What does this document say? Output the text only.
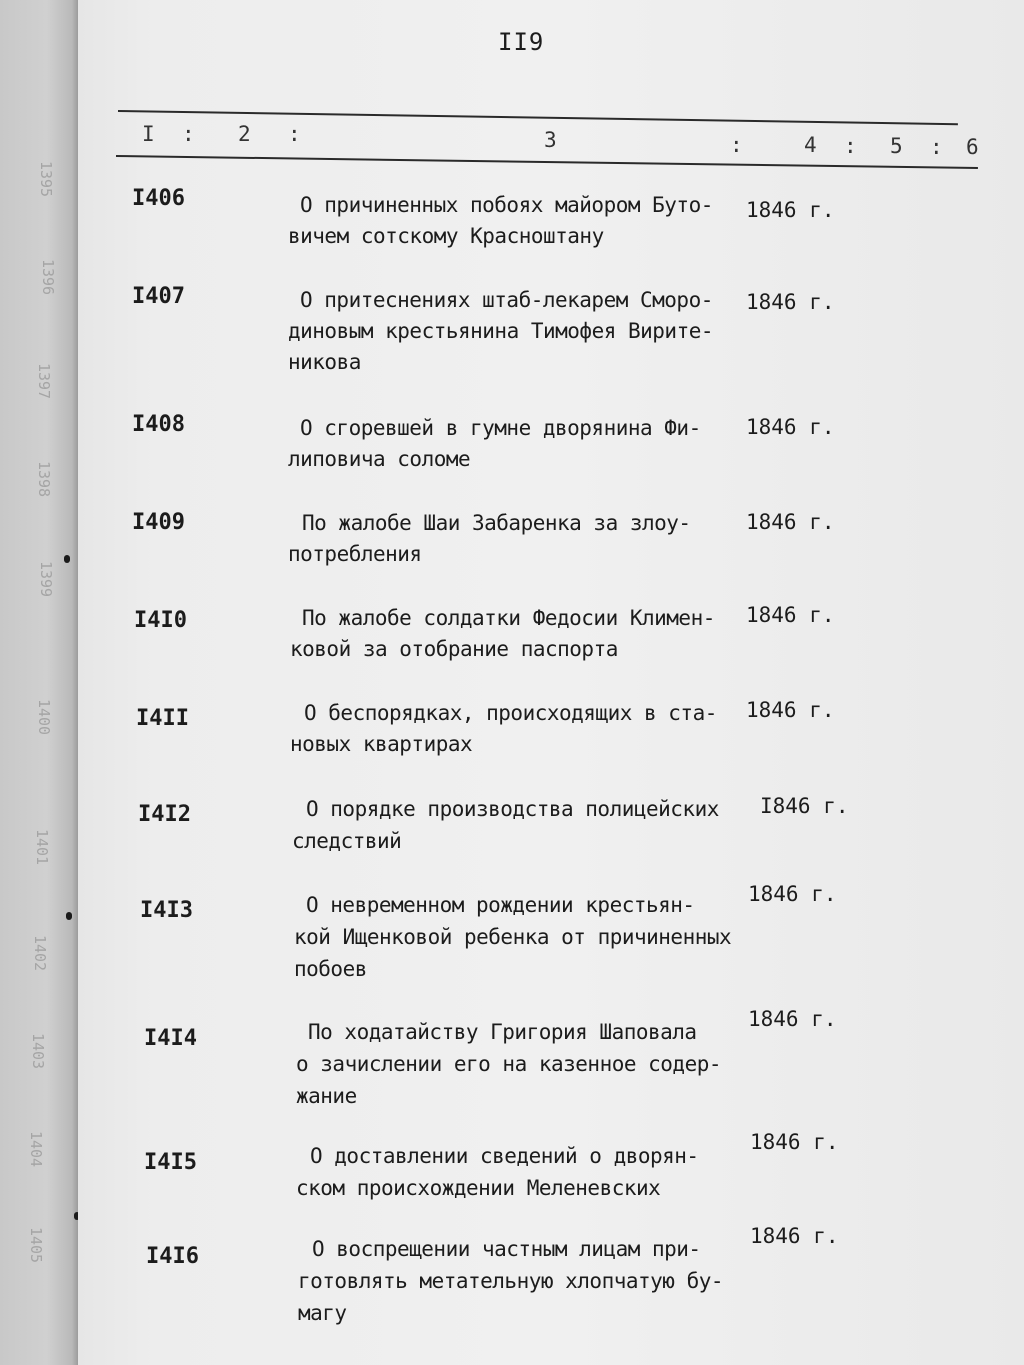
1395
1396
1397
1398
1399
1400
1401
1402
1403
1404
1405
II9
I : 2 :	3	:	4 : 5 : 6
I406	О причиненных побоях майором Буто-
вичем сотскому Красноштану
1846 г.
I407	О притеснениях штаб-лекарем Сморо-
диновым крестьянина Тимофея Вирите-
никова
1846 г.
I408	О сгоревшей в гумне дворянина Фи-
липовича соломе
1846 г.
I409	По жалобе Шаи Забаренка за злоу-
потребления
1846 г.
I4I0	По жалобе солдатки Федосии Климен-
ковой за отобрание паспорта
1846 г.
I4II	О беспорядках, происходящих в ста-
новых квартирах
1846 г.
I4I2	О порядке производства полицейских
следствий
I846 г.
I4I3	О невременном рождении крестьян-
кой Ищенковой ребенка от причиненных
побоев
1846 г.
I4I4	По ходатайству Григория Шаповала
о зачислении его на казенное содер-
жание
1846 г.
I4I5	О доставлении сведений о дворян-
ском происхождении Мелeневских
1846 г.
I4I6	О воспрещении частным лицам при-
готовлять метательную хлопчатую бу-
магу
1846 г.
